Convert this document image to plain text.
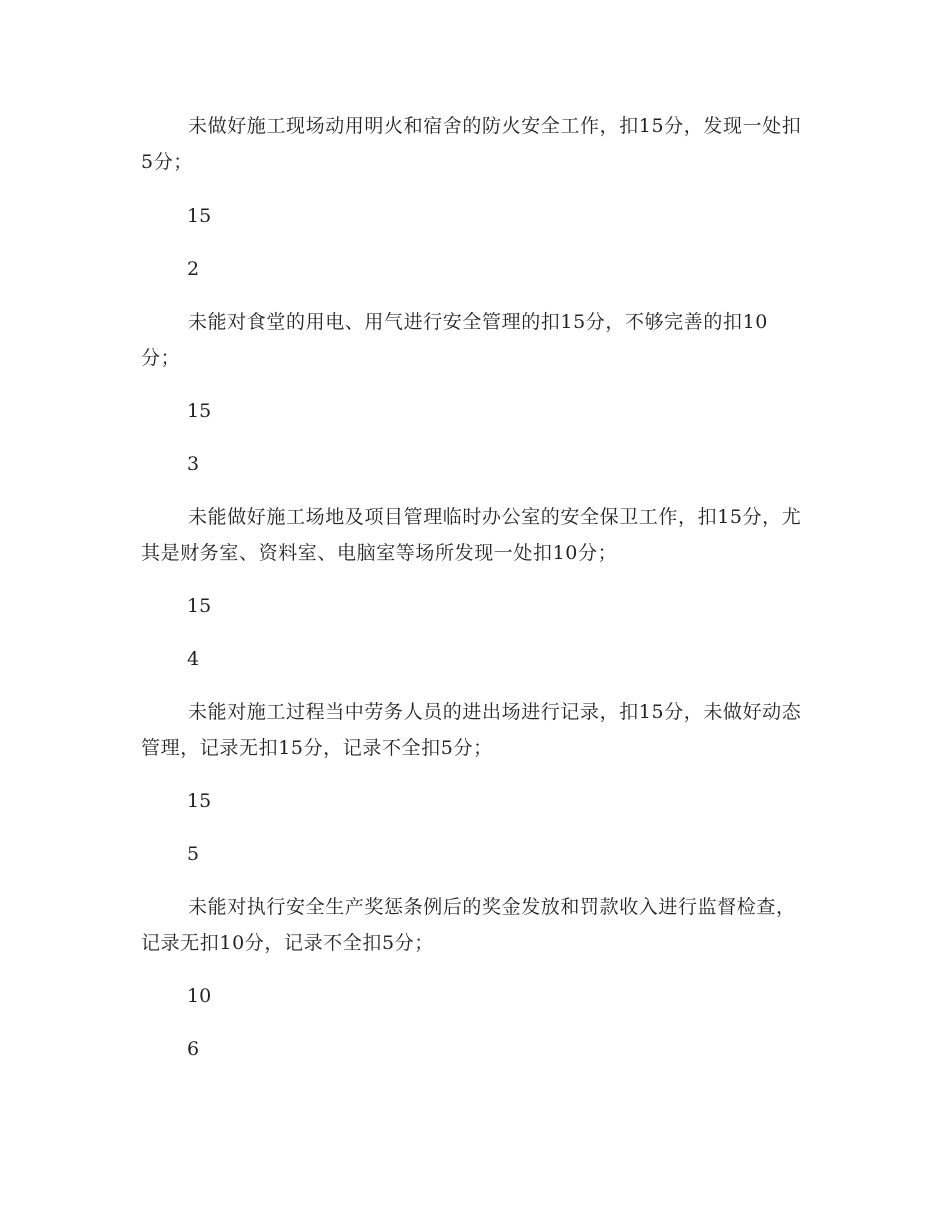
未做好施工现场动用明火和宿舍的防火安全工作，扣15分，发现一处扣5分；

15

2

未能对食堂的用电、用气进行安全管理的扣15分，不够完善的扣10分；

15

3

未能做好施工场地及项目管理临时办公室的安全保卫工作，扣15分，尤其是财务室、资料室、电脑室等场所发现一处扣10分；

15

4

未能对施工过程当中劳务人员的进出场进行记录，扣15分，未做好动态管理，记录无扣15分，记录不全扣5分；

15

5

未能对执行安全生产奖惩条例后的奖金发放和罚款收入进行监督检查，记录无扣10分，记录不全扣5分；

10

6
